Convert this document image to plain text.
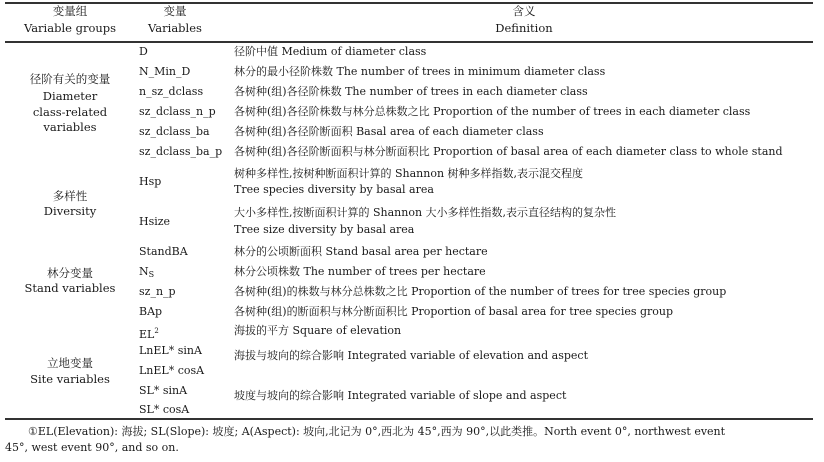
变量组
Variable groups
变量
Variables
含义
Definition
径阶有关的变量
Diameter
class-related
variables
多样性
Diversity
林分变量
Stand variables
立地变量
Site variables
D
N_Min_D
n_sz_dclass
sz_dclass_n_p
sz_dclass_ba
sz_dclass_ba_p
Hsp
Hsize
StandBA
$N_S$
sz_n_p
BAp
$EL^2$
LnEL* sinA
LnEL* cosA
SL* sinA
SL* cosA
径阶中值 Medium of diameter class
林分的最小径阶株数 The number of trees in minimum diameter class
各树种(组)各径阶株数 The number of trees in each diameter class
各树种(组)各径阶株数与林分总株数之比 Proportion of the number of trees in each diameter class
各树种(组)各径阶断面积 Basal area of each diameter class
各树种(组)各径阶断面积与林分断面积比 Proportion of basal area of each diameter class to whole stand
树种多样性,按树种断面积计算的 Shannon 树种多样指数,表示混交程度
Tree species diversity by basal area
大小多样性,按断面积计算的 Shannon 大小多样性指数,表示直径结构的复杂性
Tree size diversity by basal area
林分的公顷断面积 Stand basal area per hectare
林分公顷株数 The number of trees per hectare
各树种(组)的株数与林分总株数之比 Proportion of the number of trees for tree species group
各树种(组)的断面积与林分断面积比 Proportion of basal area for tree species group
海拔的平方 Square of elevation
海拔与坡向的综合影响 Integrated variable of elevation and aspect
坡度与坡向的综合影响 Integrated variable of slope and aspect
①EL(Elevation): 海拔; SL(Slope): 坡度; A(Aspect): 坡向,北记为 0°,西北为 45°,西为 90°,以此类推。North event 0°, northwest event
45°, west event 90°, and so on.
